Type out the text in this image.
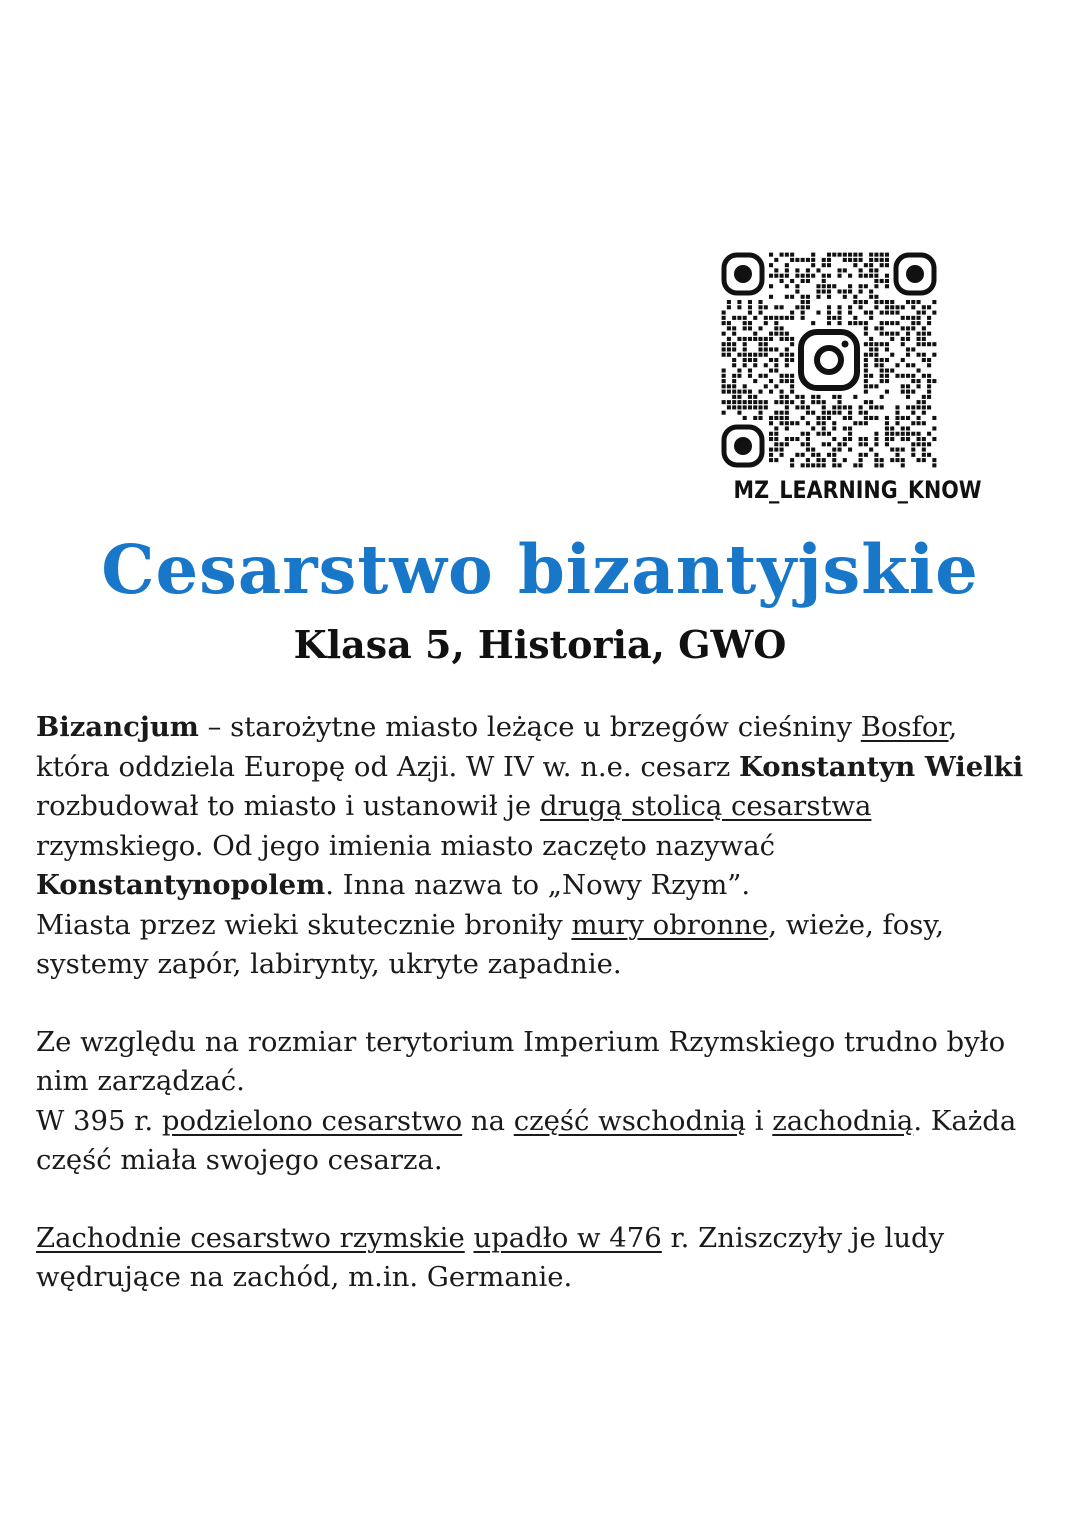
MZ_LEARNING_KNOW
Cesarstwo bizantyjskie
Klasa 5, Historia, GWO

Bizancjum – starożytne miasto leżące u brzegów cieśniny Bosfor,
która oddziela Europę od Azji. W IV w. n.e. cesarz Konstantyn Wielki
rozbudował to miasto i ustanowił je drugą stolicą cesarstwa
rzymskiego. Od jego imienia miasto zaczęto nazywać
Konstantynopolem. Inna nazwa to „Nowy Rzym”.
Miasta przez wieki skutecznie broniły mury obronne, wieże, fosy,
systemy zapór, labirynty, ukryte zapadnie.

Ze względu na rozmiar terytorium Imperium Rzymskiego trudno było
nim zarządzać.
W 395 r. podzielono cesarstwo na część wschodnią i zachodnią. Każda
część miała swojego cesarza.

Zachodnie cesarstwo rzymskie upadło w 476 r. Zniszczyły je ludy
wędrujące na zachód, m.in. Germanie.
